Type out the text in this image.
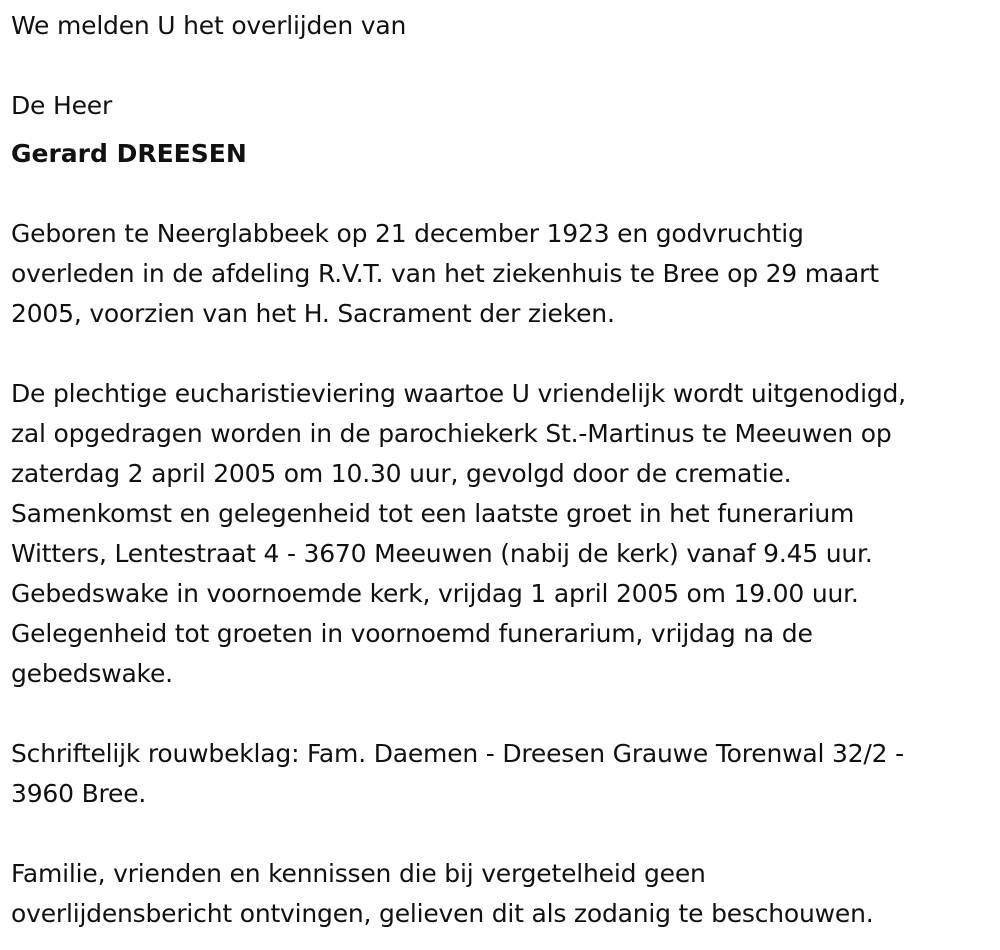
We melden U het overlijden van
De Heer
Gerard DREESEN
Geboren te Neerglabbeek op 21 december 1923 en godvruchtig
overleden in de afdeling R.V.T. van het ziekenhuis te Bree op 29 maart
2005, voorzien van het H. Sacrament der zieken.
De plechtige eucharistieviering waartoe U vriendelijk wordt uitgenodigd,
zal opgedragen worden in de parochiekerk St.-Martinus te Meeuwen op
zaterdag 2 april 2005 om 10.30 uur, gevolgd door de crematie.
Samenkomst en gelegenheid tot een laatste groet in het funerarium
Witters, Lentestraat 4 - 3670 Meeuwen (nabij de kerk) vanaf 9.45 uur.
Gebedswake in voornoemde kerk, vrijdag 1 april 2005 om 19.00 uur.
Gelegenheid tot groeten in voornoemd funerarium, vrijdag na de
gebedswake.
Schriftelijk rouwbeklag: Fam. Daemen - Dreesen Grauwe Torenwal 32/2 -
3960 Bree.
Familie, vrienden en kennissen die bij vergetelheid geen
overlijdensbericht ontvingen, gelieven dit als zodanig te beschouwen.
